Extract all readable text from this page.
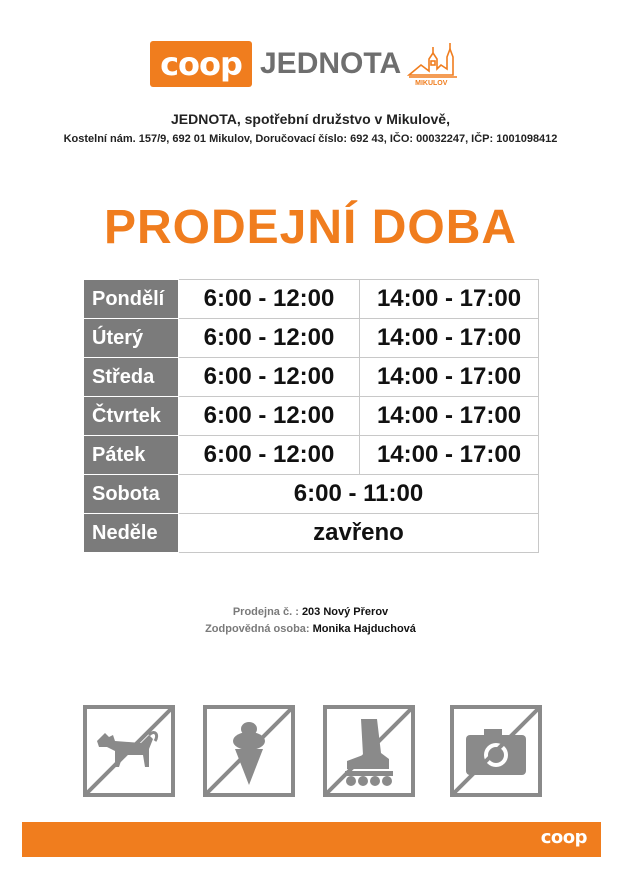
coop JEDNOTA
MIKULOV
JEDNOTA, spotřební družstvo v Mikulově,
Kostelní nám. 157/9, 692 01 Mikulov, Doručovací číslo: 692 43, IČO: 00032247, IČP: 1001098412
PRODEJNÍ DOBA
Pondělí	6:00 - 12:00	14:00 - 17:00
Úterý	6:00 - 12:00	14:00 - 17:00
Středa	6:00 - 12:00	14:00 - 17:00
Čtvrtek	6:00 - 12:00	14:00 - 17:00
Pátek	6:00 - 12:00	14:00 - 17:00
Sobota	6:00 - 11:00	
Neděle	zavřeno	
Prodejna č. : 203 Nový Přerov
Zodpovědná osoba: Monika Hajduchová
coop
